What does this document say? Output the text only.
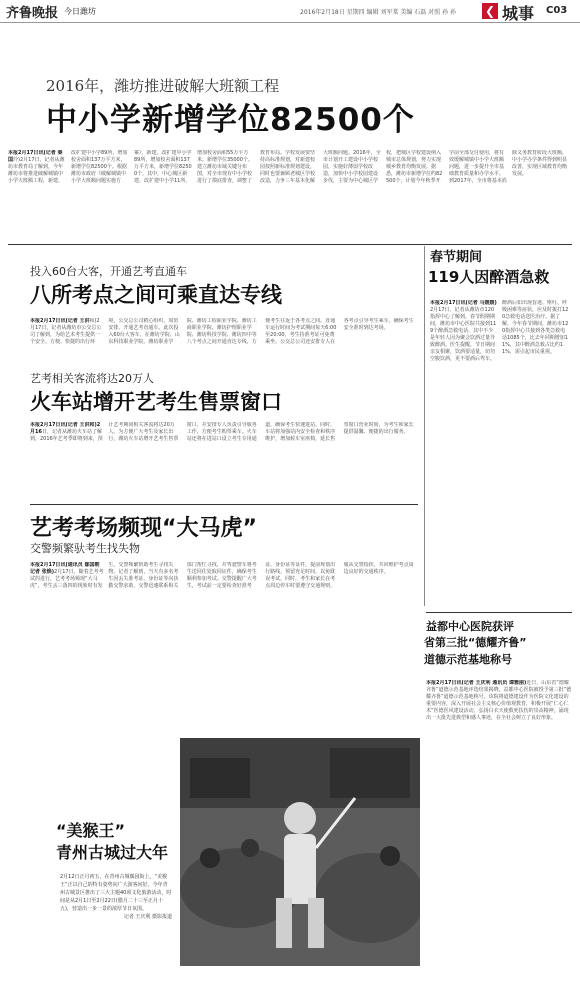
齐鲁晚报 今日潍坊	2016年2月18日 星期四 编辑 刘军棠 美编 石磊 对照 孙 孙 ❮ 城事 C03
2016年，潍坊推进破解大班额工程
中小学新增学位82500个
本报2月17日讯(记者 秦国玲)2月17日，记者从潍坊市教育局了解到，今年潍坊市将推进破解城镇中小学大班额工程，新建、改扩建中小学89所，增加校舍面积137万平方米，新增学位82500个。根据潍坊市政府《破解城镇中小学大班额问题实施方案》，新建、改扩建中小学89所，增加校舍面积137万平方米，新增学位82500个。其中，中心城区新建、改扩建中小学11所，增加校舍面积55万平方米。新增学位35000个。建立潍坊市域关键分布图，对全市现有中小学校进行了摸底排查，调整了教育布局。学校发展要坚持高标准规划，对新建校园按照新标准规划建设，同时也要兼顾老城区学校改造，力争三年基本化解大班额问题。2016年，全市计划开工建设中小学校园，实施好薄弱学校改造，加快中小学校园建设步伐，主要为中心城区学校，把城区学校建设纳入城市总体规划，努力实现城乡教育均衡发展。据悉，潍坊市新增学位约82500个，计划今年秋季开学前全部交付使用，将有效缓解城镇中小学大班额问题，进一步提升全市基础教育质量和办学水平。到2017年，全市将基本消除义务教育阶段大班额，中小学办学条件得到明显改善，实现区域教育均衡发展。
投入60台大客，开通艺考直通车
八所考点之间可乘直达专线
本报2月17日讯(记者 王洪和)2月17日，记者从潍坊市公交总公司了解到，为给艺术考生提供一个安全、方便、快捷的出行环境，公交总公司精心组织，周密安排，开通艺考直通车。此次投入60台大客车，在潍坊学院、山东科技职业学院、潍坊职业学院、潍坊工程职业学院、潍坊工商职业学院、潍坊护理职业学院、潍坊科技学院、潍坊四中等八个考点之间开通直达专线，方便考生往返于各考点之间。直通车运行时间为考试期间每天6:00至20:00，考生持准考证可免费乘坐。公交总公司还安排专人在各考点引导考生乘车，确保考生安全准时到达考场。
春节期间
119人因醉酒急救
本报2月17日讯(记者 马媛媛)2月17日，记者从潍坊市120指挥中心了解到，春节假期期间，潍坊市中心医院共接到119个醉酒急救电话，其中不少是年轻人因为聚会饮酒过量导致醉酒。医生提醒，节日期间亲友相聚，饮酒要适量，切勿空腹饮酒，更不要酒后驾车。醉酒后如出现昏迷、呕吐、呼吸困难等症状，应及时拨打120急救电话送医治疗。据了解，今年春节期间，潍坊市120指挥中心共接到各类急救电话1085个，比去年同期增加11%，其中醉酒急救占比约11%，需引起市民重视。
艺考相关客流将达20万人
火车站增开艺考生售票窗口
本报2月17日讯(记者 王洪和)2月16日，记者从潍坊火车站了解到，2016年艺考季即将到来，预计艺考期间相关客流将达20万人。为方便广大考生及家长出行，潍坊火车站增开艺考生售票窗口，并安排专人负责引导服务工作，方便考生购票乘车。火车站还将在进站口设立考生专用通道，确保考生快速进站。同时，车站将加强站内安全检查和秩序维护，增加候车室座椅，延长售票窗口营业时间，为考生和家长提供温馨、便捷的出行服务。
艺考考场频现“大马虎”
交警频繁驮考生找失物
本报2月17日讯(通讯员 鄢国朝 记者 张焕)2月17日，随着艺考考试的进行，艺考考场频现“大马虎”，考生丢三落四的现象时有发生，交警频繁帮助考生寻找失物。记者了解到，当天有多名考生因丢失准考证、身份证等向执勤交警求助，交警迅速联系相关部门帮忙寻找，并驾驶警车将考生送回住处取回证件，确保考生顺利参加考试。交警提醒广大考生，考试前一定要检查好准考证、身份证等证件，提前规划出行路线，预留充足时间，以免耽误考试。同时，考生和家长在考点周边停车时要遵守交通规则，服从交警指挥，共同维护考点周边良好的交通秩序。
益都中心医院获评
省第三批“德耀齐鲁”
道德示范基地称号
本报2月17日讯(记者 王庆利 通讯员 谭雅丽)近日，山东省“德耀齐鲁”道德示范基地评选结果揭晓，益都中心医院被授予第三批“德耀齐鲁”道德示范基地称号。该院将道德建设作为医院文化建设的重要内容，深入开展社会主义核心价值观教育，积极开展“仁心仁术”医德医风建设活动，弘扬白衣天使救死扶伤的崇高精神，涌现出一大批先进典型和感人事迹，在全社会树立了良好形象。
“美猴王”
青州古城过大年
2月12日正月初五，在青州古城偶园街上，“美猴王”正以自己的特有姿势向广大游客问好。今年青州古城景区推出了三大主题40项文化旅游活动，时间是从2月1日至2月22日(腊月二十三至正月十五)，营造出一步一景的浓厚节日氛围。
记者 王庆利 摄影报道
